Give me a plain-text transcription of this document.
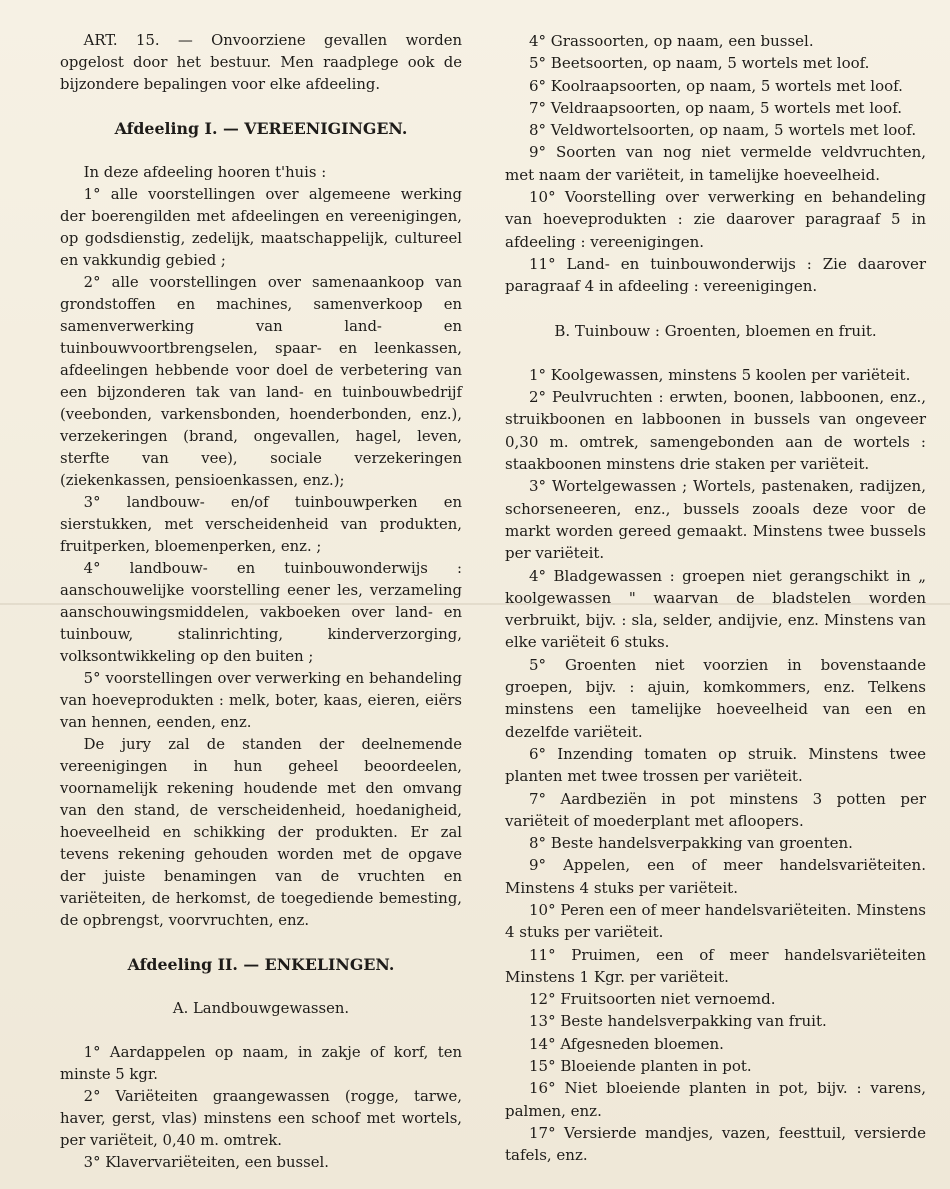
ART. 15. — Onvoorziene gevallen worden opgelost door het bestuur. Men raadplege ook de bijzondere bepalingen voor elke afdeeling.

Afdeeling I. — VEREENIGINGEN.

In deze afdeeling hooren t'huis :

1° alle voorstellingen over algemeene werking der boerengilden met afdeelingen en vereenigingen, op godsdienstig, zedelijk, maatschappelijk, cultureel en vakkundig gebied ;

2° alle voorstellingen over samenaankoop van grondstoffen en machines, samenverkoop en samenverwerking van land- en tuinbouwvoortbrengselen, spaar- en leenkassen, afdeelingen hebbende voor doel de verbetering van een bijzonderen tak van land- en tuinbouwbedrijf (veebonden, varkensbonden, hoenderbonden, enz.), verzekeringen (brand, ongevallen, hagel, leven, sterfte van vee), sociale verzekeringen (ziekenkassen, pensioenkassen, enz.);

3° landbouw- en/of tuinbouwperken en sierstukken, met verscheidenheid van produkten, fruitperken, bloemenperken, enz. ;

4° landbouw- en tuinbouwonderwijs : aanschouwelijke voorstelling eener les, verzameling aanschouwingsmiddelen, vakboeken over land- en tuinbouw, stalinrichting, kinderverzorging, volksontwikkeling op den buiten ;

5° voorstellingen over verwerking en behandeling van hoeveprodukten : melk, boter, kaas, eieren, eiërs van hennen, eenden, enz.

De jury zal de standen der deelnemende vereenigingen in hun geheel beoordeelen, voornamelijk rekening houdende met den omvang van den stand, de verscheidenheid, hoedanigheid, hoeveelheid en schikking der produkten. Er zal tevens rekening gehouden worden met de opgave der juiste benamingen van de vruchten en variëteiten, de herkomst, de toegediende bemesting, de opbrengst, voorvruchten, enz.

Afdeeling II. — ENKELINGEN.

A. Landbouwgewassen.

1° Aardappelen op naam, in zakje of korf, ten minste 5 kgr.

2° Variëteiten graangewassen (rogge, tarwe, haver, gerst, vlas) minstens een schoof met wortels, per variëteit, 0,40 m. omtrek.

3° Klavervariëteiten, een bussel.

4° Grassoorten, op naam, een bussel.

5° Beetsoorten, op naam, 5 wortels met loof.

6° Koolraapsoorten, op naam, 5 wortels met loof.

7° Veldraapsoorten, op naam, 5 wortels met loof.

8° Veldwortelsoorten, op naam, 5 wortels met loof.

9° Soorten van nog niet vermelde veldvruchten, met naam der variëteit, in tamelijke hoeveelheid.

10° Voorstelling over verwerking en behandeling van hoeveprodukten : zie daarover paragraaf 5 in afdeeling : vereenigingen.

11° Land- en tuinbouwonderwijs : Zie daarover paragraaf 4 in afdeeling : vereenigingen.

B. Tuinbouw : Groenten, bloemen en fruit.

1° Koolgewassen, minstens 5 koolen per variëteit.

2° Peulvruchten : erwten, boonen, labboonen, enz., struikboonen en labboonen in bussels van ongeveer 0,30 m. omtrek, samengebonden aan de wortels : staakboonen minstens drie staken per variëteit.

3° Wortelgewassen ; Wortels, pastenaken, radijzen, schorseneeren, enz., bussels zooals deze voor de markt worden gereed gemaakt. Minstens twee bussels per variëteit.

4° Bladgewassen : groepen niet gerangschikt in „ koolgewassen " waarvan de bladstelen worden verbruikt, bijv. : sla, selder, andijvie, enz. Minstens van elke variëteit 6 stuks.

5° Groenten niet voorzien in bovenstaande groepen, bijv. : ajuin, komkommers, enz. Telkens minstens een tamelijke hoeveelheid van een en dezelfde variëteit.

6° Inzending tomaten op struik. Minstens twee planten met twee trossen per variëteit.

7° Aardbeziën in pot minstens 3 potten per variëteit of moederplant met afloopers.

8° Beste handelsverpakking van groenten.

9° Appelen, een of meer handelsvariëteiten. Minstens 4 stuks per variëteit.

10° Peren een of meer handelsvariëteiten. Minstens 4 stuks per variëteit.

11° Pruimen, een of meer handelsvariëteiten Minstens 1 Kgr. per variëteit.

12° Fruitsoorten niet vernoemd.

13° Beste handelsverpakking van fruit.

14° Afgesneden bloemen.

15° Bloeiende planten in pot.

16° Niet bloeiende planten in pot, bijv. : varens, palmen, enz.

17° Versierde mandjes, vazen, feesttuil, versierde tafels, enz.
